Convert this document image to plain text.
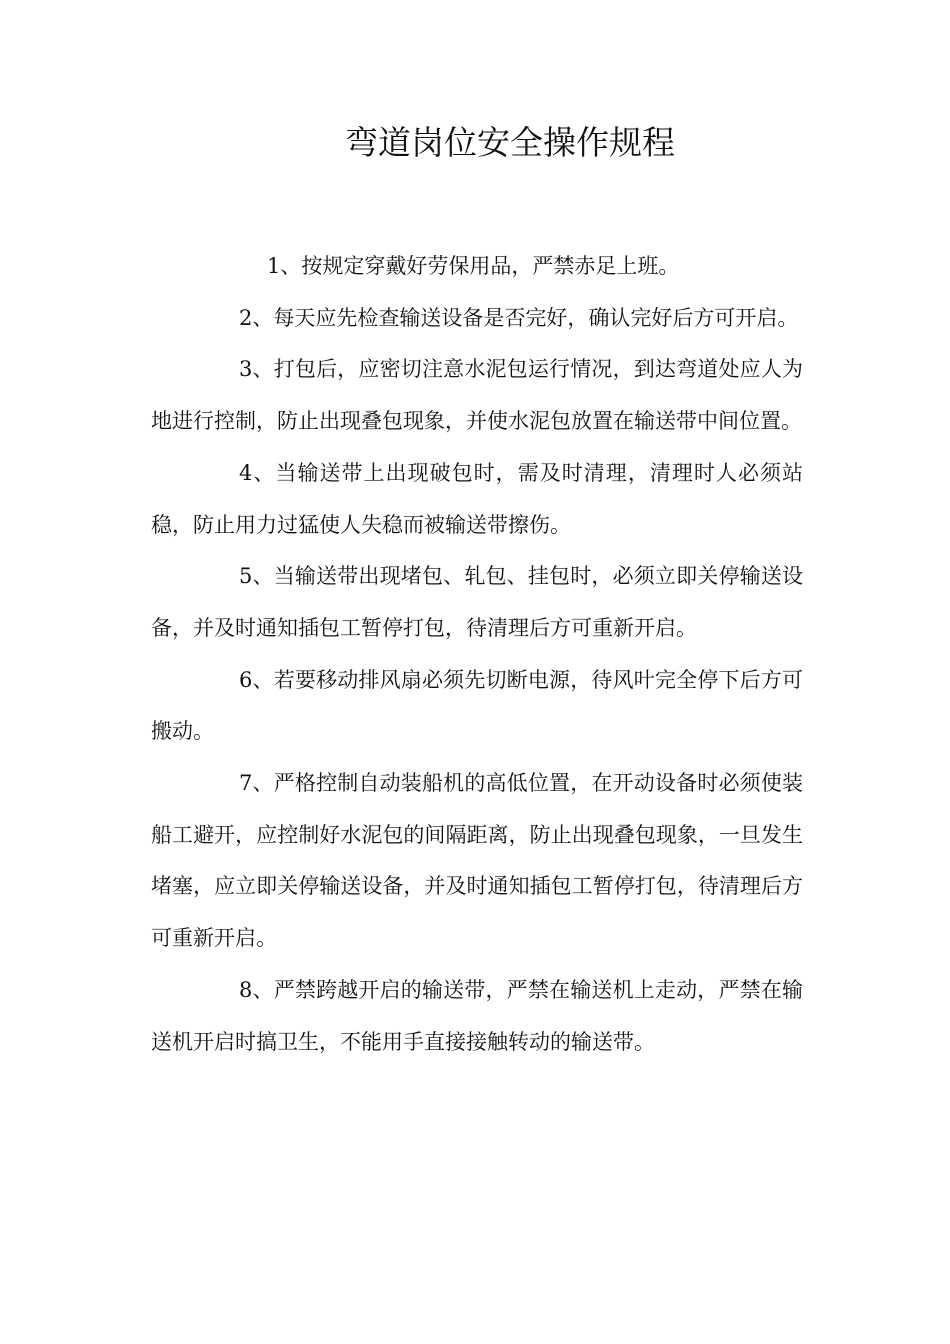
弯道岗位安全操作规程

1、按规定穿戴好劳保用品，严禁赤足上班。

2、每天应先检查输送设备是否完好，确认完好后方可开启。

3、打包后，应密切注意水泥包运行情况，到达弯道处应人为地进行控制，防止出现叠包现象，并使水泥包放置在输送带中间位置。

4、当输送带上出现破包时，需及时清理，清理时人必须站稳，防止用力过猛使人失稳而被输送带擦伤。

5、当输送带出现堵包、轧包、挂包时，必须立即关停输送设备，并及时通知插包工暂停打包，待清理后方可重新开启。

6、若要移动排风扇必须先切断电源，待风叶完全停下后方可搬动。

7、严格控制自动装船机的高低位置，在开动设备时必须使装船工避开，应控制好水泥包的间隔距离，防止出现叠包现象，一旦发生堵塞，应立即关停输送设备，并及时通知插包工暂停打包，待清理后方可重新开启。

8、严禁跨越开启的输送带，严禁在输送机上走动，严禁在输送机开启时搞卫生，不能用手直接接触转动的输送带。
